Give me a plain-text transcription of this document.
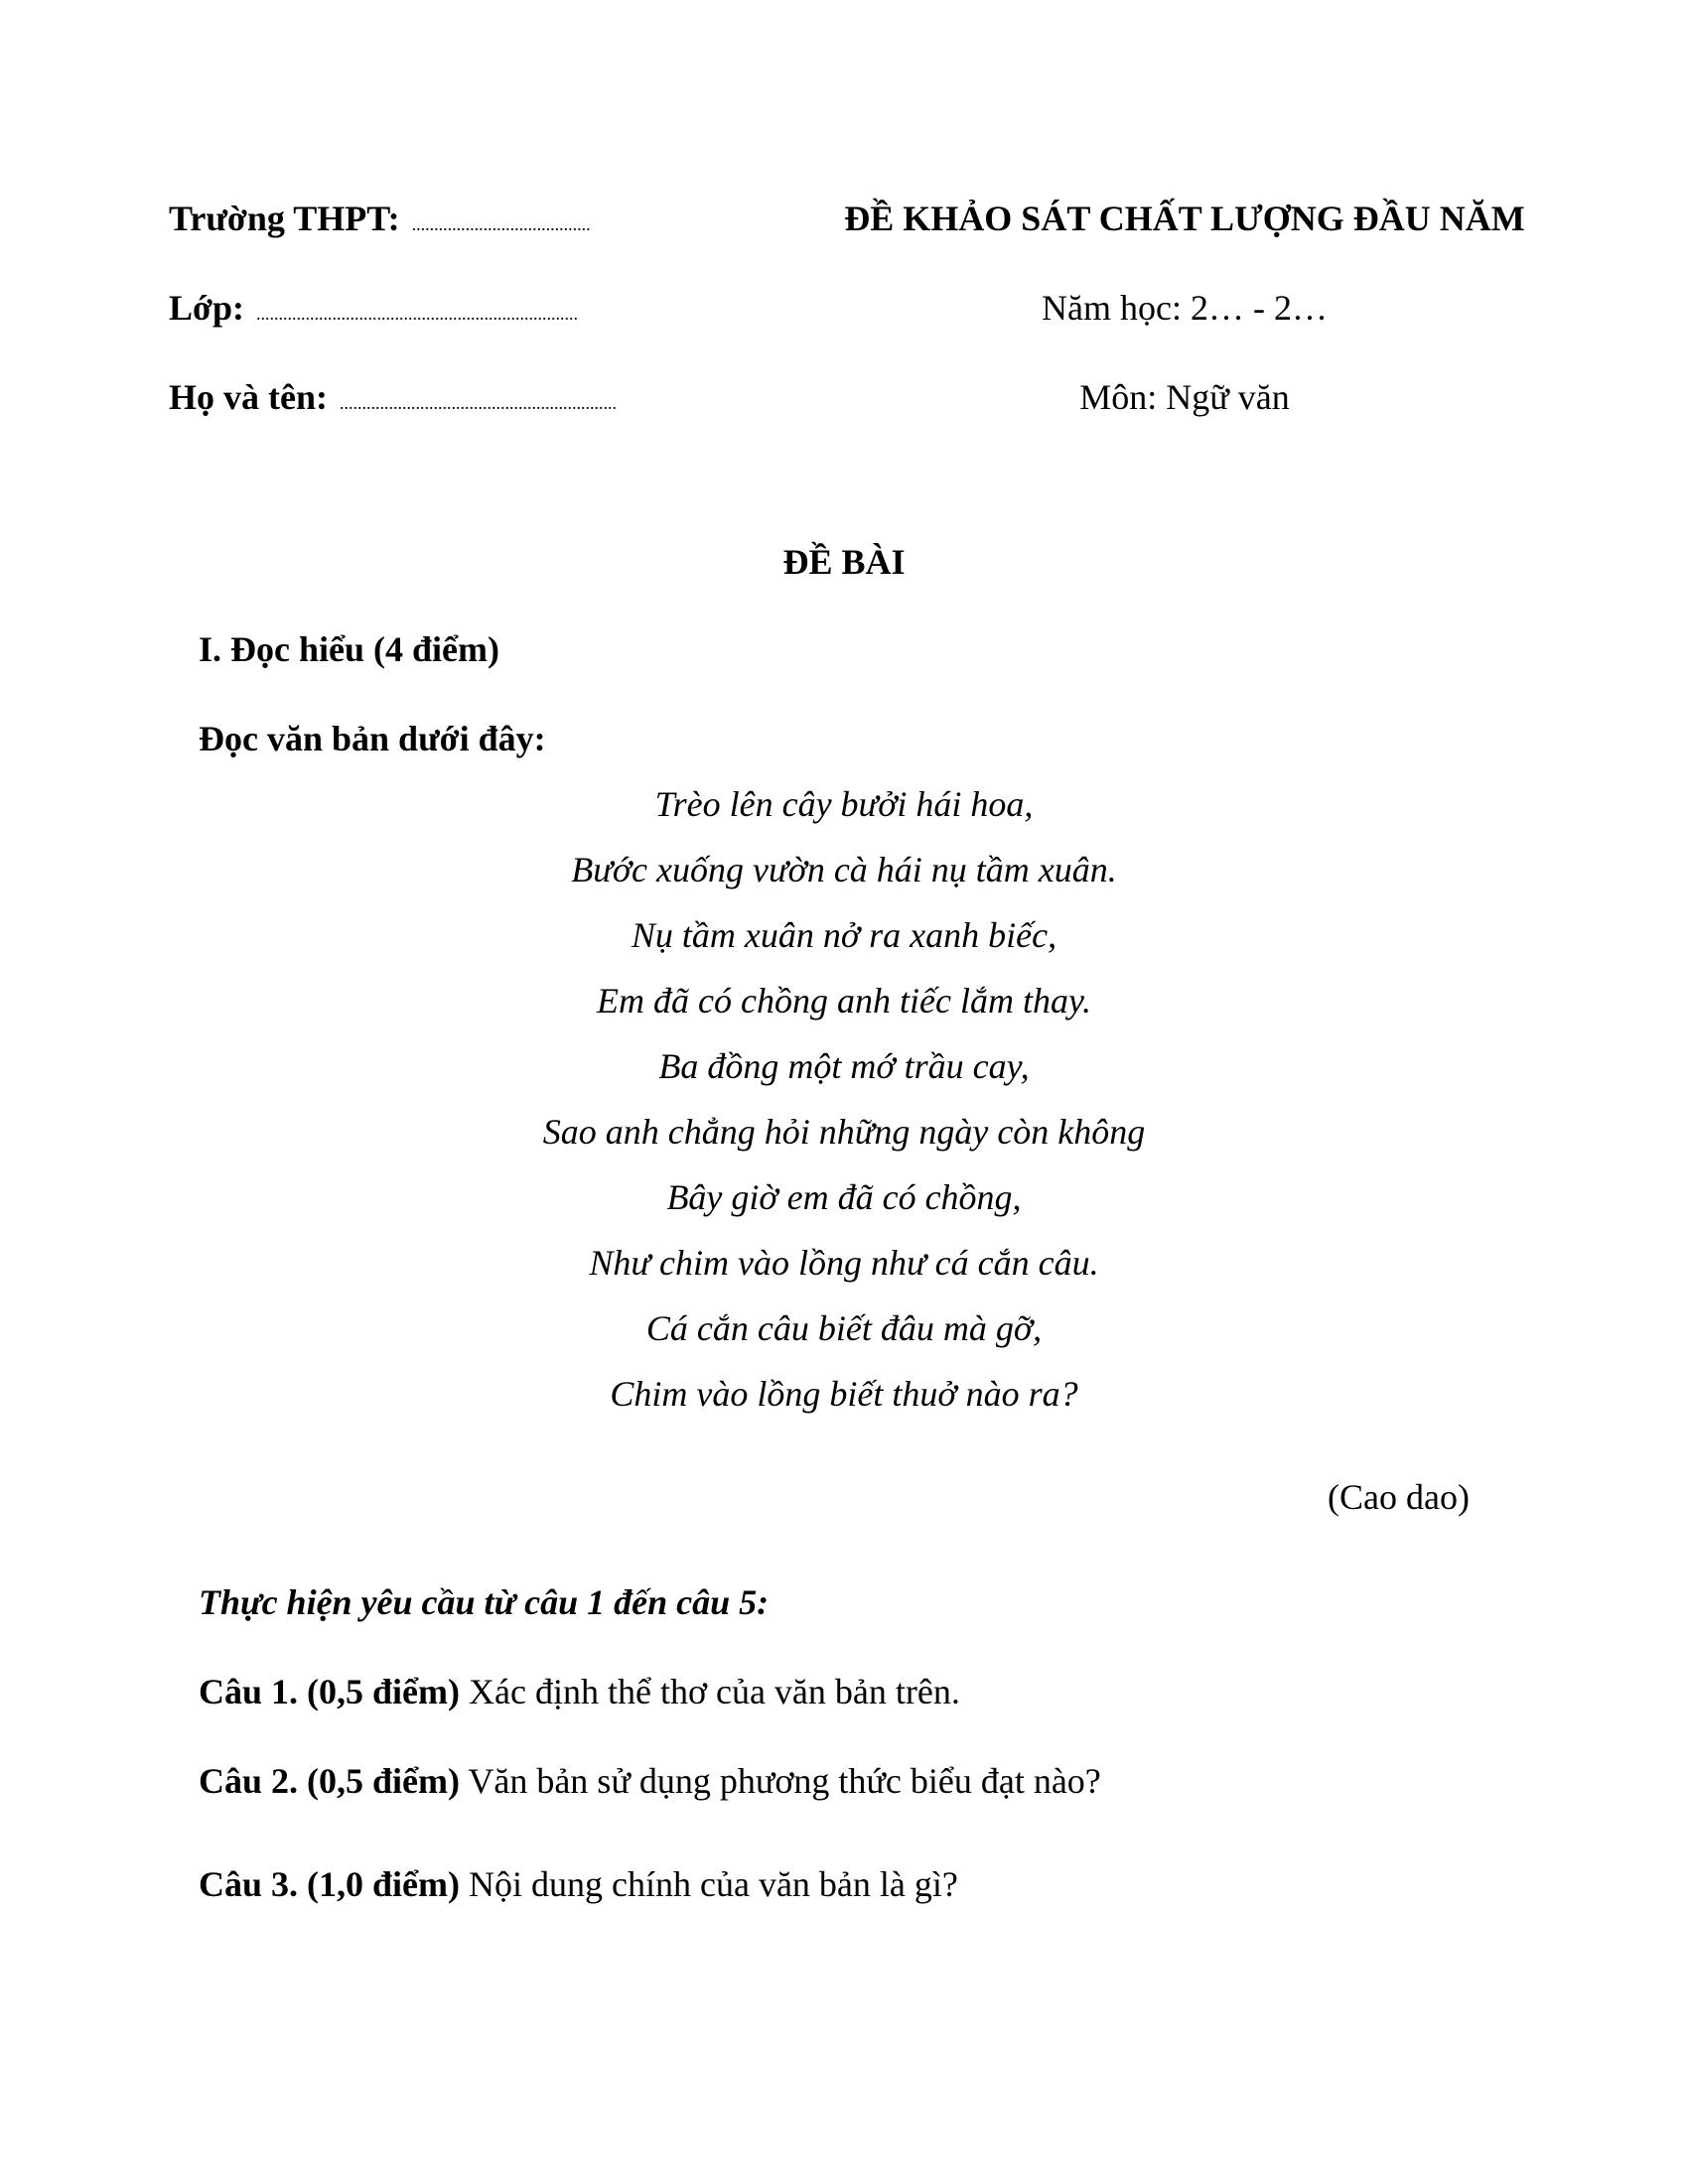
Trường THPT: ........................................
Lớp: ........................................................................
Họ và tên: ..............................................................
ĐỀ KHẢO SÁT CHẤT LƯỢNG ĐẦU NĂM
Năm học: 2… - 2…
Môn: Ngữ văn
ĐỀ BÀI
I. Đọc hiểu (4 điểm)
Đọc văn bản dưới đây:
Trèo lên cây bưởi hái hoa,
Bước xuống vườn cà hái nụ tầm xuân.
Nụ tầm xuân nở ra xanh biếc,
Em đã có chồng anh tiếc lắm thay.
Ba đồng một mớ trầu cay,
Sao anh chẳng hỏi những ngày còn không
Bây giờ em đã có chồng,
Như chim vào lồng như cá cắn câu.
Cá cắn câu biết đâu mà gỡ,
Chim vào lồng biết thuở nào ra?
(Cao dao)
Thực hiện yêu cầu từ câu 1 đến câu 5:
Câu 1. (0,5 điểm) Xác định thể thơ của văn bản trên.
Câu 2. (0,5 điểm) Văn bản sử dụng phương thức biểu đạt nào?
Câu 3. (1,0 điểm) Nội dung chính của văn bản là gì?
